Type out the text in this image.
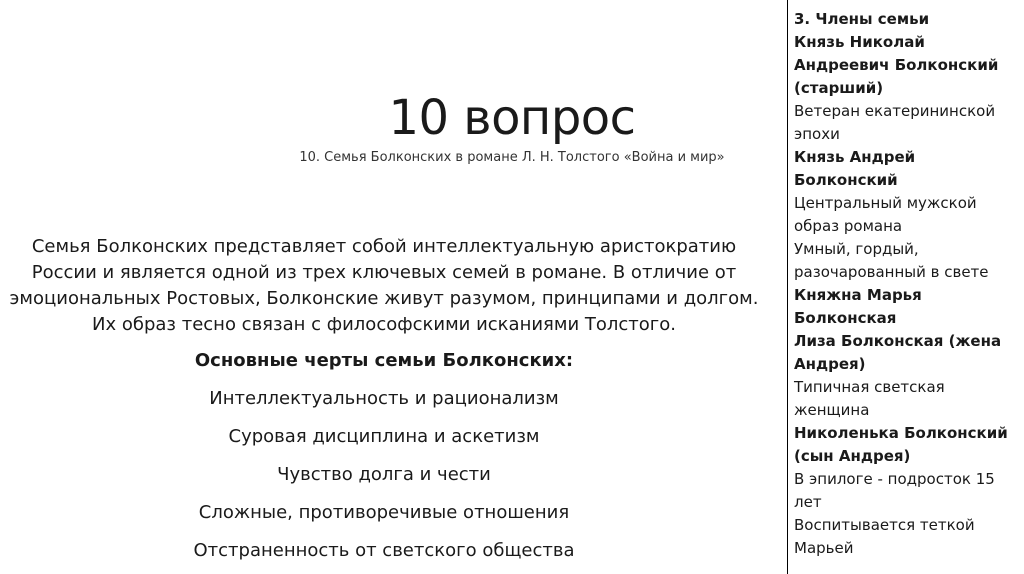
10 вопрос
10. Семья Болконских в романе Л. Н. Толстого «Война и мир»

Семья Болконских представляет собой интеллектуальную аристократию России и является одной из трех ключевых семей в романе. В отличие от эмоциональных Ростовых, Болконские живут разумом, принципами и долгом. Их образ тесно связан с философскими исканиями Толстого.

Основные черты семьи Болконских:
Интеллектуальность и рационализм
Суровая дисциплина и аскетизм
Чувство долга и чести
Сложные, противоречивые отношения
Отстраненность от светского общества
3. Члены семьи
Князь Николай Андреевич Болконский (старший)
Ветеран екатерининской эпохи
Князь Андрей Болконский
Центральный мужской образ романа
Умный, гордый, разочарованный в свете
Княжна Марья Болконская
Лиза Болконская (жена Андрея)
Типичная светская женщина
Николенька Болконский (сын Андрея)
В эпилоге - подросток 15 лет
Воспитывается теткой Марьей
